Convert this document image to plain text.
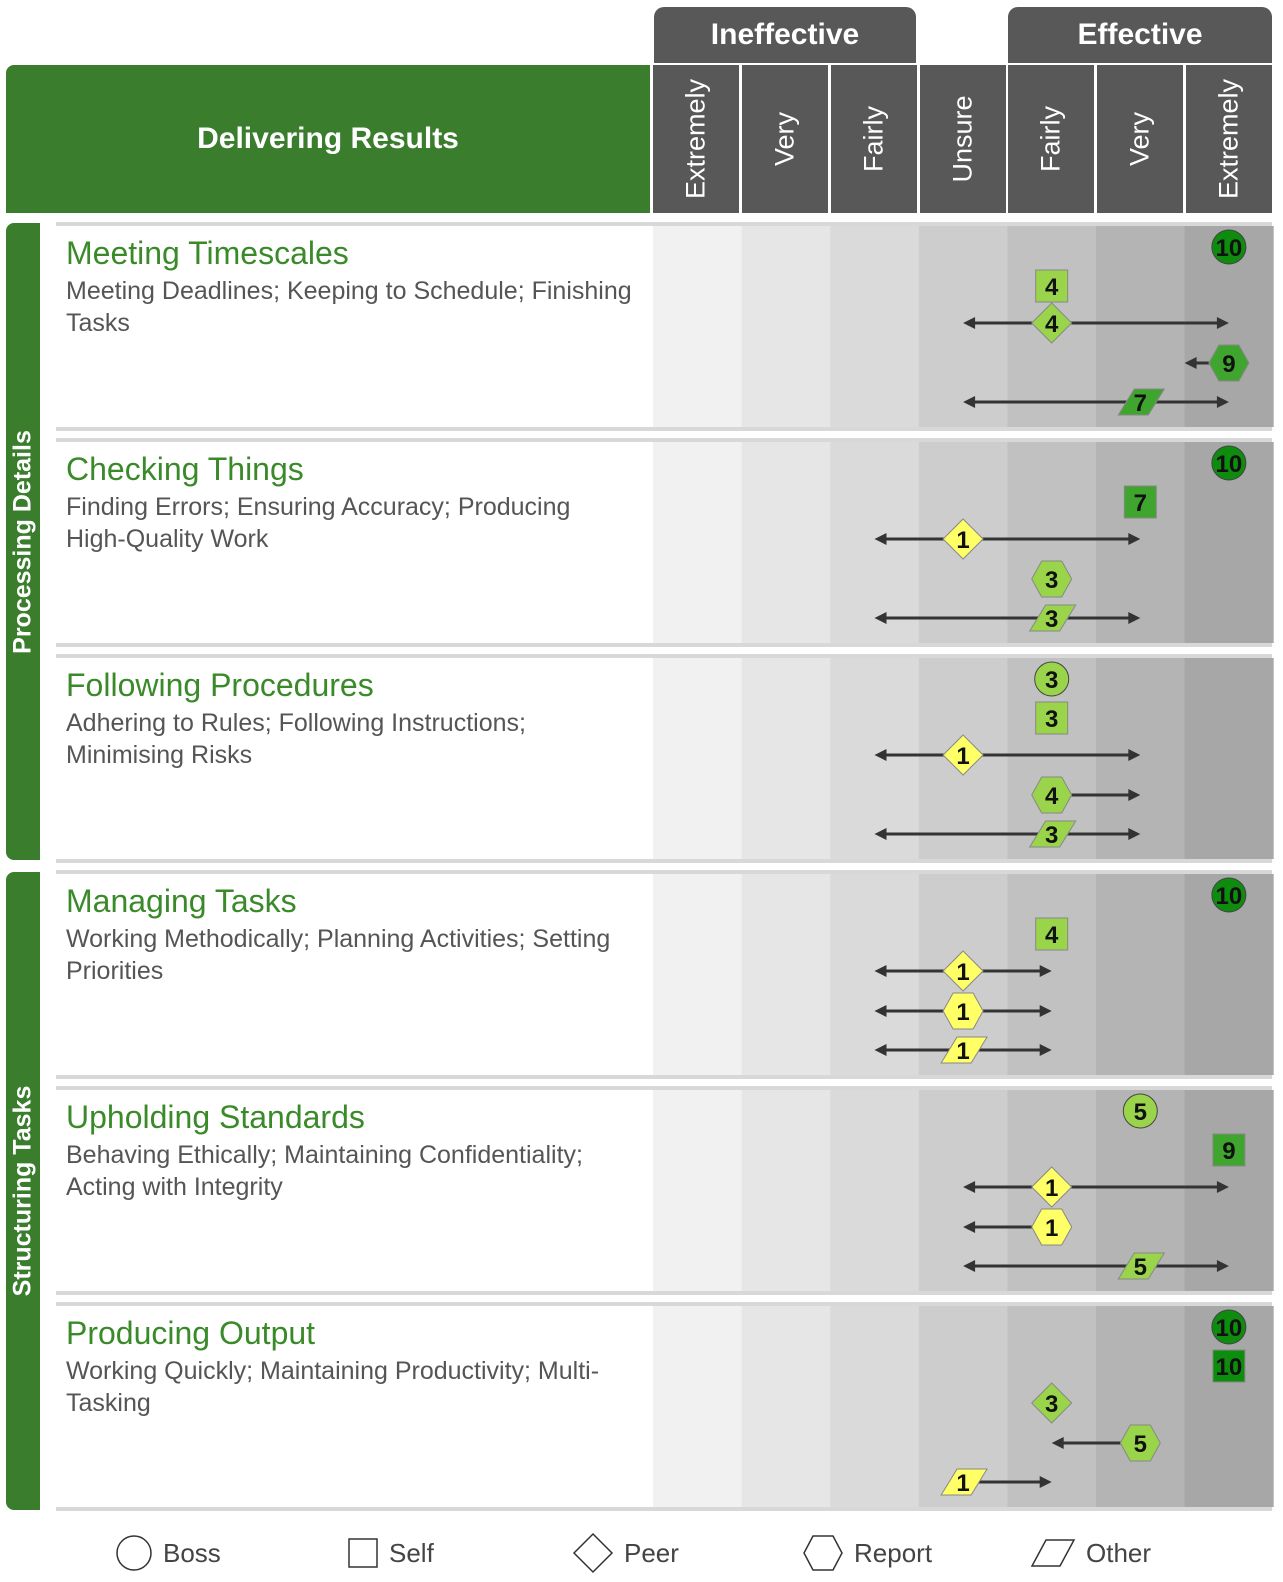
Ineffective	Effective
Delivering Results	Extremely Very Fairly Unsure Fairly Very Extremely
Processing Details
Structuring Tasks
Meeting Timescales
Meeting Deadlines; Keeping to Schedule; Finishing Tasks
Checking Things
Finding Errors; Ensuring Accuracy; Producing High-Quality Work
Following Procedures
Adhering to Rules; Following Instructions; Minimising Risks
Managing Tasks
Working Methodically; Planning Activities; Setting Priorities
Upholding Standards
Behaving Ethically; Maintaining Confidentiality; Acting with Integrity
Producing Output
Working Quickly; Maintaining Productivity; Multi-Tasking
10
4
4
9
7
10
7
1
3
3
3
3
1
4
3
10
4
1
1
1
5
9
1
1
5
10
10
3
5
1
Boss	Self	Peer	Report	Other
